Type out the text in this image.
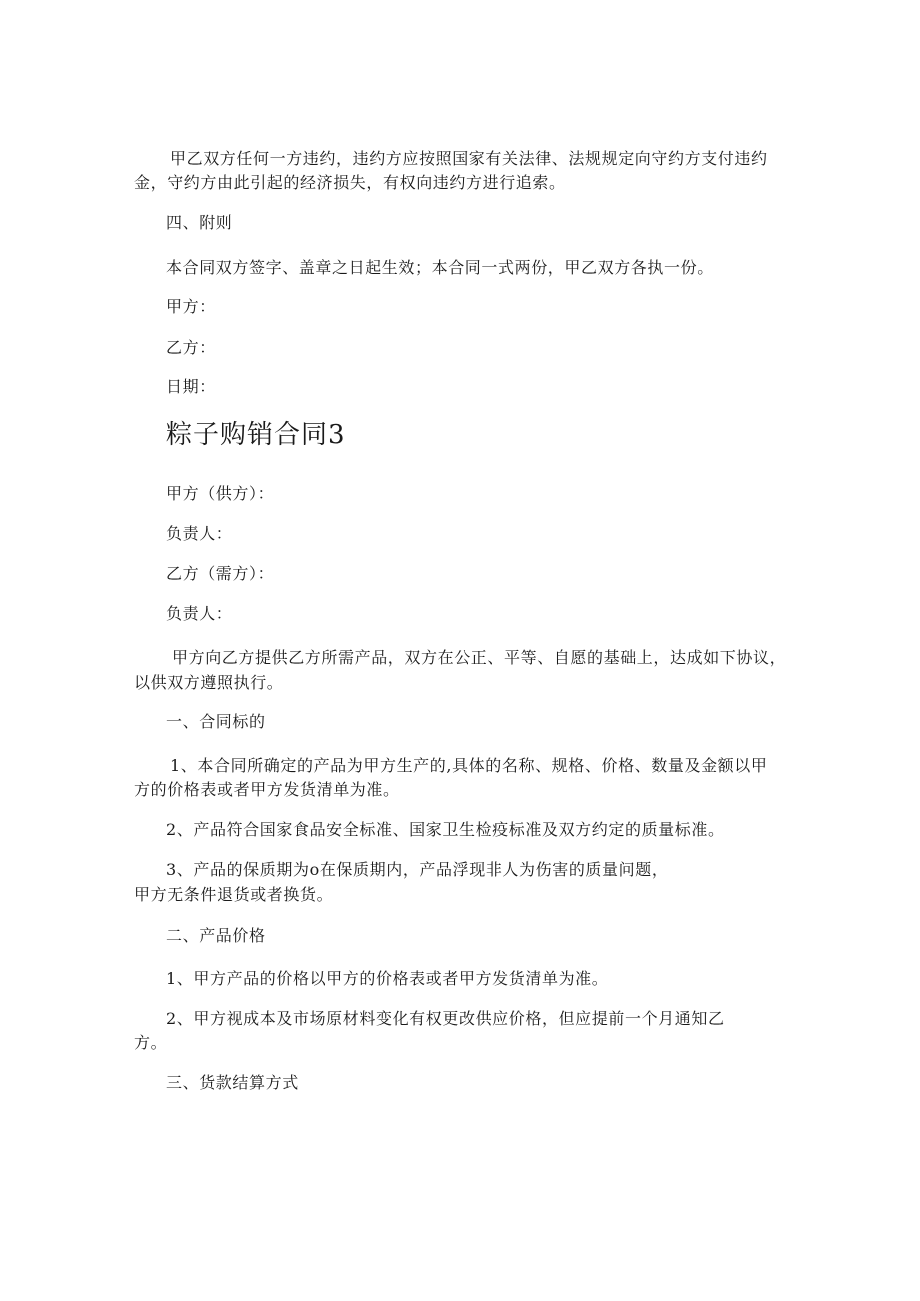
甲乙双方任何一方违约，违约方应按照国家有关法律、法规规定向守约方支付违约
金，守约方由此引起的经济损失，有权向违约方进行追索。
四、附则
本合同双方签字、盖章之日起生效；本合同一式两份，甲乙双方各执一份。
甲方：
乙方：
日期：
粽子购销合同3
甲方（供方）：
负责人：
乙方（需方）：
负责人：
甲方向乙方提供乙方所需产品，双方在公正、平等、自愿的基础上，达成如下协议，
以供双方遵照执行。
一、合同标的
1、本合同所确定的产品为甲方生产的,具体的名称、规格、价格、数量及金额以甲
方的价格表或者甲方发货清单为准。
2、产品符合国家食品安全标准、国家卫生检疫标准及双方约定的质量标准。
3、产品的保质期为o在保质期内，产品浮现非人为伤害的质量问题，
甲方无条件退货或者换货。
二、产品价格
1、甲方产品的价格以甲方的价格表或者甲方发货清单为准。
2、甲方视成本及市场原材料变化有权更改供应价格，但应提前一个月通知乙
方。
三、货款结算方式
